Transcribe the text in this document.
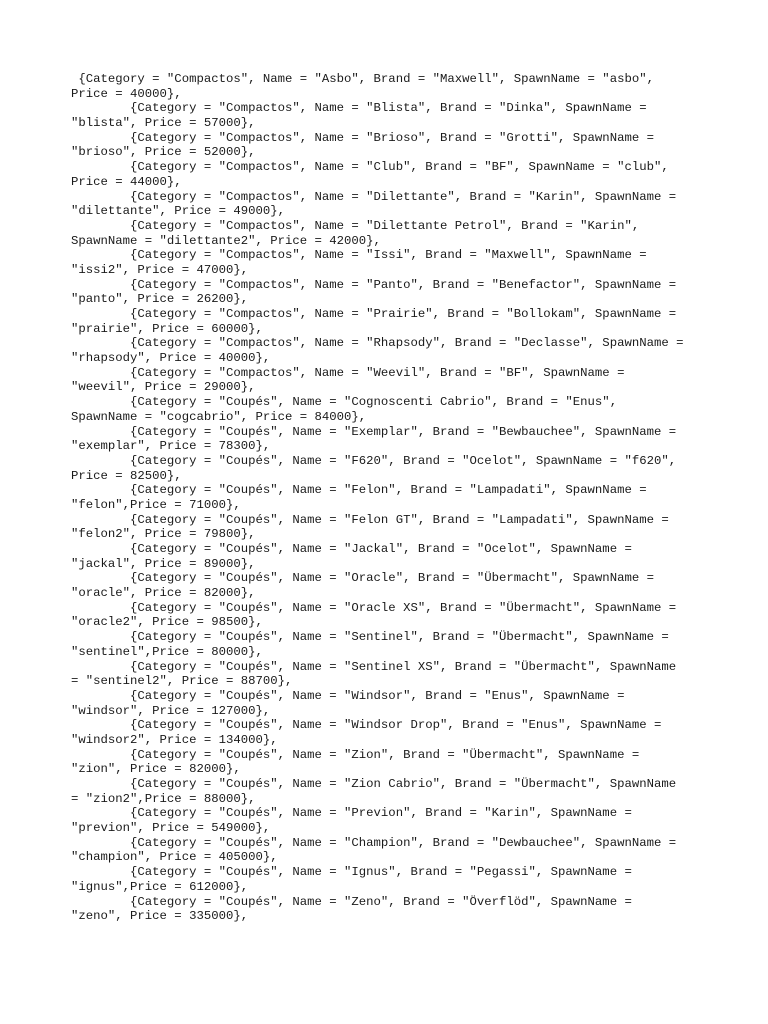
{Category = "Compactos", Name = "Asbo", Brand = "Maxwell", SpawnName = "asbo",
Price = 40000},
{Category = "Compactos", Name = "Blista", Brand = "Dinka", SpawnName =
"blista", Price = 57000},
{Category = "Compactos", Name = "Brioso", Brand = "Grotti", SpawnName =
"brioso", Price = 52000},
{Category = "Compactos", Name = "Club", Brand = "BF", SpawnName = "club",
Price = 44000},
{Category = "Compactos", Name = "Dilettante", Brand = "Karin", SpawnName =
"dilettante", Price = 49000},
{Category = "Compactos", Name = "Dilettante Petrol", Brand = "Karin",
SpawnName = "dilettante2", Price = 42000},
{Category = "Compactos", Name = "Issi", Brand = "Maxwell", SpawnName =
"issi2", Price = 47000},
{Category = "Compactos", Name = "Panto", Brand = "Benefactor", SpawnName =
"panto", Price = 26200},
{Category = "Compactos", Name = "Prairie", Brand = "Bollokam", SpawnName =
"prairie", Price = 60000},
{Category = "Compactos", Name = "Rhapsody", Brand = "Declasse", SpawnName =
"rhapsody", Price = 40000},
{Category = "Compactos", Name = "Weevil", Brand = "BF", SpawnName =
"weevil", Price = 29000},
{Category = "Coupés", Name = "Cognoscenti Cabrio", Brand = "Enus",
SpawnName = "cogcabrio", Price = 84000},
{Category = "Coupés", Name = "Exemplar", Brand = "Bewbauchee", SpawnName =
"exemplar", Price = 78300},
{Category = "Coupés", Name = "F620", Brand = "Ocelot", SpawnName = "f620",
Price = 82500},
{Category = "Coupés", Name = "Felon", Brand = "Lampadati", SpawnName =
"felon",Price = 71000},
{Category = "Coupés", Name = "Felon GT", Brand = "Lampadati", SpawnName =
"felon2", Price = 79800},
{Category = "Coupés", Name = "Jackal", Brand = "Ocelot", SpawnName =
"jackal", Price = 89000},
{Category = "Coupés", Name = "Oracle", Brand = "Übermacht", SpawnName =
"oracle", Price = 82000},
{Category = "Coupés", Name = "Oracle XS", Brand = "Übermacht", SpawnName =
"oracle2", Price = 98500},
{Category = "Coupés", Name = "Sentinel", Brand = "Übermacht", SpawnName =
"sentinel",Price = 80000},
{Category = "Coupés", Name = "Sentinel XS", Brand = "Übermacht", SpawnName
= "sentinel2", Price = 88700},
{Category = "Coupés", Name = "Windsor", Brand = "Enus", SpawnName =
"windsor", Price = 127000},
{Category = "Coupés", Name = "Windsor Drop", Brand = "Enus", SpawnName =
"windsor2", Price = 134000},
{Category = "Coupés", Name = "Zion", Brand = "Übermacht", SpawnName =
"zion", Price = 82000},
{Category = "Coupés", Name = "Zion Cabrio", Brand = "Übermacht", SpawnName
= "zion2",Price = 88000},
{Category = "Coupés", Name = "Previon", Brand = "Karin", SpawnName =
"previon", Price = 549000},
{Category = "Coupés", Name = "Champion", Brand = "Dewbauchee", SpawnName =
"champion", Price = 405000},
{Category = "Coupés", Name = "Ignus", Brand = "Pegassi", SpawnName =
"ignus",Price = 612000},
{Category = "Coupés", Name = "Zeno", Brand = "Överflöd", SpawnName =
"zeno", Price = 335000},
